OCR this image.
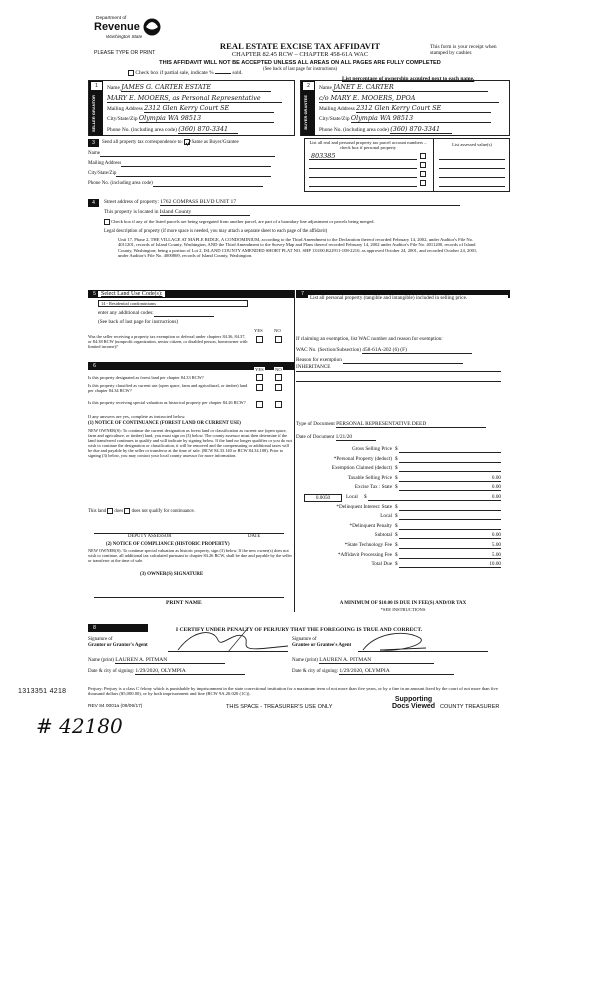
Department of
Revenue
Washington State
PLEASE TYPE OR PRINT
REAL ESTATE EXCISE TAX AFFIDAVIT
CHAPTER 82.45 RCW – CHAPTER 458-61A WAC
THIS AFFIDAVIT WILL NOT BE ACCEPTED UNLESS ALL AREAS ON ALL PAGES ARE FULLY COMPLETED
(See back of last page for instructions)
This form is your receipt when stamped by cashier.
Check box if partial sale, indicate %	sold.
List percentage of ownership acquired next to each name.
1
SELLER GRANTOR
Name JAMES G. CARTER ESTATE
MARY E. MOOERS, as Personal Representative
Mailing Address 2312 Glen Kerry Court SE
City/State/Zip Olympia WA 98513
Phone No. (including area code) (360) 870-3341
2
BUYER GRANTEE
Name JANET E. CARTER
c/o MARY E. MOOERS, DPOA
Mailing Address 2312 Glen Kerry Court SE
City/State/Zip Olympia WA 98513
Phone No. (including area code) (360) 870-3341
3	Send all property tax correspondence to: Same as Buyer/Grantee
Name
Mailing Address
City/State/Zip
Phone No. (including area code)
List all real and personal property tax parcel account numbers – check box if personal property
List assessed value(s)
803385
4	Street address of property: 1762 COMPASS BLVD UNIT 17
This property is located in Island County
Check box if any of the listed parcels are being segregated from another parcel, are part of a boundary line adjustment or parcels being merged.
Legal description of property (if more space is needed, you may attach a separate sheet to each page of the affidavit)
Unit 17, Phase 2, THE VILLAGE AT MAPLE RIDGE, A CONDOMINIUM, according to the Third Amendment to the Declaration thereof recorded February 14, 2002, under Auditor's File No. 4011201, records of Island County, Washington, AND the Third Amendment to the Survey Map and Plans thereof recorded February 14, 2002 under Auditor's File No. 4011200, records of Island County, Washington; being a portion of Lot 2, ISLAND COUNTY AMENDED SHORT PLAT NO. SHP 133/00.R22911-108-2210, as approved October 24, 2001, and recorded October 24, 2001, under Auditor's File No. 4000869, records of Island County, Washington.
5 Select Land Use Code(s):
14 - Residential condominiums
enter any additional codes:
(See back of last page for instructions)
YES NO
Was the seller receiving a property tax exemption or deferral under chapters 84.36, 84.37, or 84.38 RCW (nonprofit organization, senior citizen, or disabled person, homeowner with limited income)?
6
YES NO
Is this property designated as forest land per chapter 84.33 RCW?
Is this property classified as current use (open space, farm and agricultural, or timber) land per chapter 84.34 RCW?
Is this property receiving special valuation as historical property per chapter 84.26 RCW?
If any answers are yes, complete as instructed below.
(1) NOTICE OF CONTINUANCE (FOREST LAND OR CURRENT USE)
NEW OWNER(S): To continue the current designation as forest land or classification as current use (open space, farm and agriculture, or timber) land, you must sign on (3) below. The county assessor must then determine if the land transferred continues to qualify and will indicate by signing below. If the land no longer qualifies or you do not wish to continue the designation or classification, it will be removed and the compensating or additional taxes will be due and payable by the seller or transferor at the time of sale. (RCW 84.33.140 or RCW 84.34.108). Prior to signing (3) below, you may contact your local county assessor for more information.
This land does does not qualify for continuance.
DEPUTY ASSESSOR	DATE
(2) NOTICE OF COMPLIANCE (HISTORIC PROPERTY)
NEW OWNER(S): To continue special valuation as historic property, sign (3) below. If the new owner(s) does not wish to continue, all additional tax calculated pursuant to chapter 84.26 RCW, shall be due and payable by the seller or transferor at the time of sale.
(3) OWNER(S) SIGNATURE
PRINT NAME
7
List all personal property (tangible and intangible) included in selling price.
If claiming an exemption, list WAC number and reason for exemption:
WAC No. (Section/Subsection) 458-61A-202 (6) (F)
Reason for exemption
INHERITANCE
Type of Document PERSONAL REPRESENTATIVE DEED
Date of Document 1/21/20
Gross Selling Price $
*Personal Property (deduct) $
Exemption Claimed (deduct) $
Taxable Selling Price $	0.00
Excise Tax : State $	0.00
0.0050	Local $	0.00
*Delinquent Interest: State $
Local $
*Delinquent Penalty $
Subtotal $	0.00
*State Technology Fee $	5.00
*Affidavit Processing Fee $	5.00
Total Due $	10.00
A MINIMUM OF $10.00 IS DUE IN FEE(S) AND/OR TAX
*SEE INSTRUCTIONS
8	I CERTIFY UNDER PENALTY OF PERJURY THAT THE FOREGOING IS TRUE AND CORRECT.
Signature of
Grantor or Grantor's Agent
Signature of
Grantee or Grantee's Agent
Name (print) LAUREN A. PITMAN	Name (print) LAUREN A. PITMAN
Date & city of signing: 1/29/2020, OLYMPIA	Date & city of signing: 1/29/2020, OLYMPIA
Perjury: Perjury is a class C felony which is punishable by imprisonment in the state correctional institution for a maximum term of not more than five years, or by a fine in an amount fixed by the court of not more than five thousand dollars ($5,000.00), or by both imprisonment and fine (RCW 9A.20.020 (1C)).
1313351 4218
REV 84 0001a (09/06/17)	THIS SPACE - TREASURER'S USE ONLY
Supporting
Docs Viewed COUNTY TREASURER
# 42180
